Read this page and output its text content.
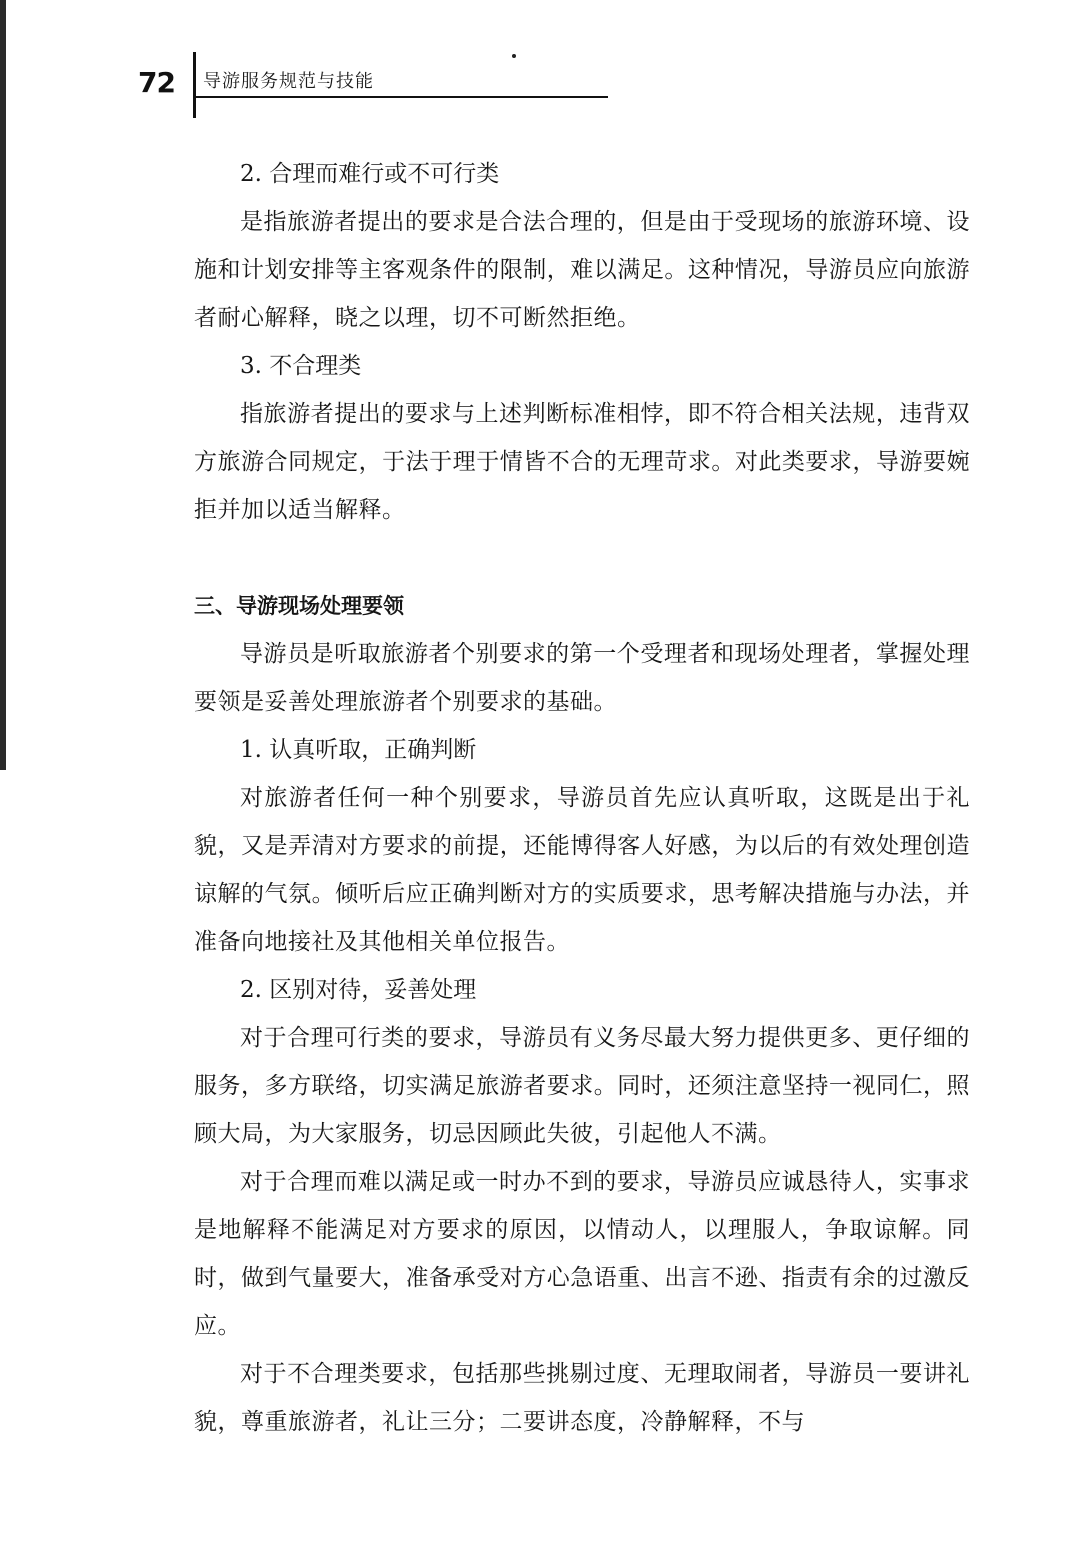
72 导游服务规范与技能

2. 合理而难行或不可行类

是指旅游者提出的要求是合法合理的，但是由于受现场的旅游环境、设施和计划安排等主客观条件的限制，难以满足。这种情况，导游员应向旅游者耐心解释，晓之以理，切不可断然拒绝。

3. 不合理类

指旅游者提出的要求与上述判断标准相悖，即不符合相关法规，违背双方旅游合同规定，于法于理于情皆不合的无理苛求。对此类要求，导游要婉拒并加以适当解释。

三、导游现场处理要领

导游员是听取旅游者个别要求的第一个受理者和现场处理者，掌握处理要领是妥善处理旅游者个别要求的基础。

1. 认真听取，正确判断

对旅游者任何一种个别要求，导游员首先应认真听取，这既是出于礼貌，又是弄清对方要求的前提，还能博得客人好感，为以后的有效处理创造谅解的气氛。倾听后应正确判断对方的实质要求，思考解决措施与办法，并准备向地接社及其他相关单位报告。

2. 区别对待，妥善处理

对于合理可行类的要求，导游员有义务尽最大努力提供更多、更仔细的服务，多方联络，切实满足旅游者要求。同时，还须注意坚持一视同仁，照顾大局，为大家服务，切忌因顾此失彼，引起他人不满。

对于合理而难以满足或一时办不到的要求，导游员应诚恳待人，实事求是地解释不能满足对方要求的原因，以情动人，以理服人，争取谅解。同时，做到气量要大，准备承受对方心急语重、出言不逊、指责有余的过激反应。

对于不合理类要求，包括那些挑剔过度、无理取闹者，导游员一要讲礼貌，尊重旅游者，礼让三分；二要讲态度，冷静解释，不与
